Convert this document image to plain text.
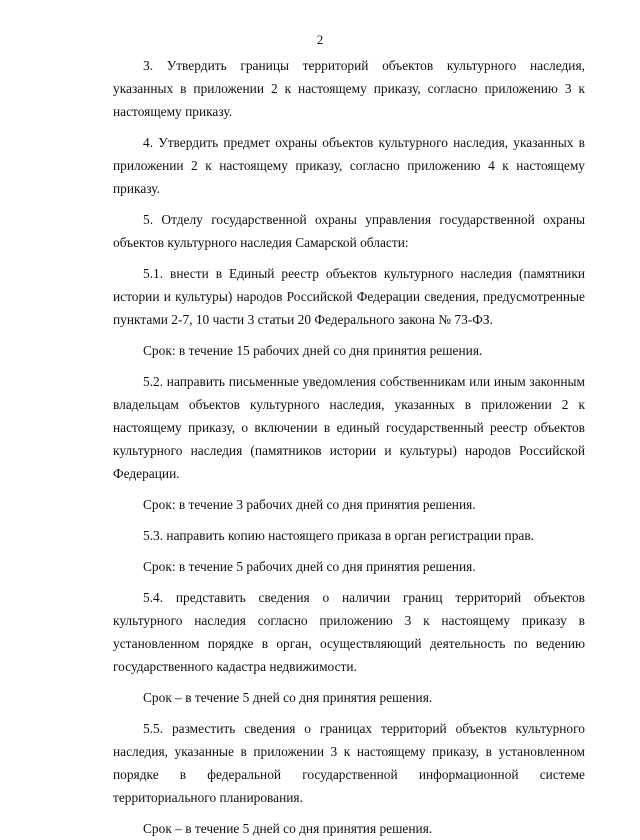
2

3. Утвердить границы территорий объектов культурного наследия, указанных в приложении 2 к настоящему приказу, согласно приложению 3 к настоящему приказу.

4. Утвердить предмет охраны объектов культурного наследия, указанных в приложении 2 к настоящему приказу, согласно приложению 4 к настоящему приказу.

5. Отделу государственной охраны управления государственной охраны объектов культурного наследия Самарской области:

5.1. внести в Единый реестр объектов культурного наследия (памятники истории и культуры) народов Российской Федерации сведения, предусмотренные пунктами 2-7, 10 части 3 статьи 20 Федерального закона № 73-ФЗ.

Срок: в течение 15 рабочих дней со дня принятия решения.

5.2. направить письменные уведомления собственникам или иным законным владельцам объектов культурного наследия, указанных в приложении 2 к настоящему приказу, о включении в единый государственный реестр объектов культурного наследия (памятников истории и культуры) народов Российской Федерации.

Срок: в течение 3 рабочих дней со дня принятия решения.

5.3. направить копию настоящего приказа в орган регистрации прав.

Срок: в течение 5 рабочих дней со дня принятия решения.

5.4. представить сведения о наличии границ территорий объектов культурного наследия согласно приложению 3 к настоящему приказу в установленном порядке в орган, осуществляющий деятельность по ведению государственного кадастра недвижимости.

Срок – в течение 5 дней со дня принятия решения.

5.5. разместить сведения о границах территорий объектов культурного наследия, указанные в приложении 3 к настоящему приказу, в установленном порядке в федеральной государственной информационной системе территориального планирования.

Срок – в течение 5 дней со дня принятия решения.
